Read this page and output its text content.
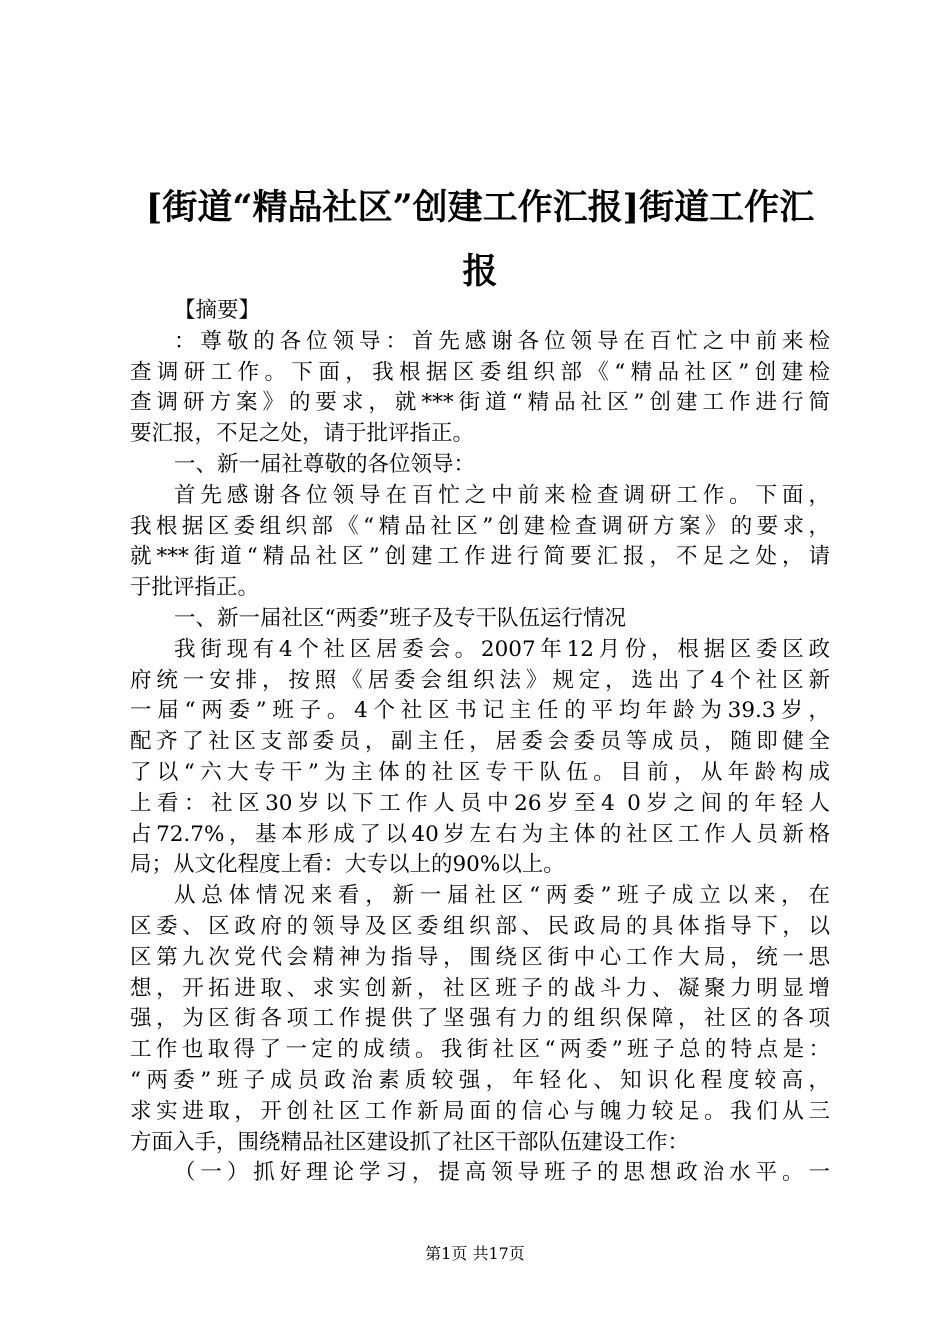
[街道“精品社区”创建工作汇报]街道工作汇
报
【摘要】
：尊敬的各位领导：首先感谢各位领导在百忙之中前来检
查调研工作。下面，我根据区委组织部《“精品社区”创建检
查调研方案》的要求，就***街道“精品社区”创建工作进行简
要汇报，不足之处，请于批评指正。
一、新一届社尊敬的各位领导：
首先感谢各位领导在百忙之中前来检查调研工作。下面，
我根据区委组织部《“精品社区”创建检查调研方案》的要求，
就***街道“精品社区”创建工作进行简要汇报，不足之处，请
于批评指正。
一、新一届社区“两委”班子及专干队伍运行情况
我街现有4个社区居委会。2007年12月份，根据区委区政
府统一安排，按照《居委会组织法》规定，选出了4个社区新
一届“两委”班子。4个社区书记主任的平均年龄为39.3岁，
配齐了社区支部委员，副主任，居委会委员等成员，随即健全
了以“六大专干”为主体的社区专干队伍。目前，从年龄构成
上看：社区30岁以下工作人员中26岁至4 0岁之间的年轻人
占72.7%，基本形成了以40岁左右为主体的社区工作人员新格
局；从文化程度上看：大专以上的90%以上。
从总体情况来看，新一届社区“两委”班子成立以来，在
区委、区政府的领导及区委组织部、民政局的具体指导下，以
区第九次党代会精神为指导，围绕区街中心工作大局，统一思
想，开拓进取、求实创新，社区班子的战斗力、凝聚力明显增
强，为区街各项工作提供了坚强有力的组织保障，社区的各项
工作也取得了一定的成绩。我街社区“两委”班子总的特点是：
“两委”班子成员政治素质较强，年轻化、知识化程度较高，
求实进取，开创社区工作新局面的信心与魄力较足。我们从三
方面入手，围绕精品社区建设抓了社区干部队伍建设工作：
（一）抓好理论学习，提高领导班子的思想政治水平。一
第1页 共17页
